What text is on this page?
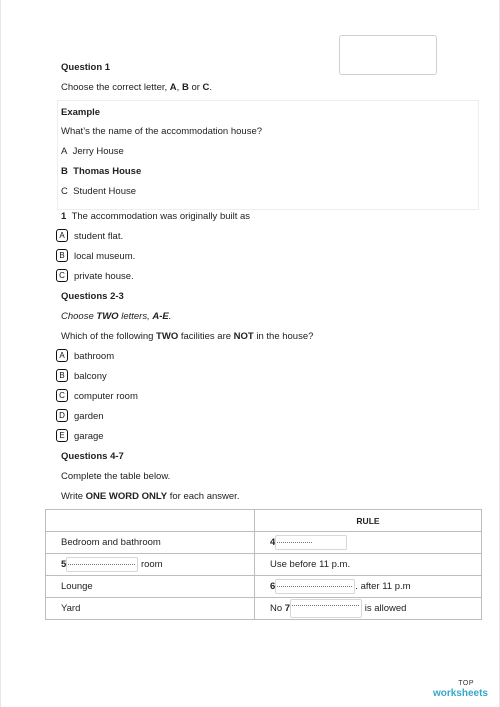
Question 1
Choose the correct letter, A, B or C.
Example
What’s the name of the accommodation house?
A Jerry House
B Thomas House
C Student House
1 The accommodation was originally built as
A student flat.
B local museum.
C private house.
Questions 2-3
Choose TWO letters, A-E.
Which of the following TWO facilities are NOT in the house?
A bathroom
B balcony
C computer room
D garden
E garage
Questions 4-7
Complete the table below.
Write ONE WORD ONLY for each answer.
	RULE
Bedroom and bathroom	4

5 room	Use before 11 p.m.
Lounge	6 . after 11 p.m
Yard	No 7 is allowed
TOP
worksheets
